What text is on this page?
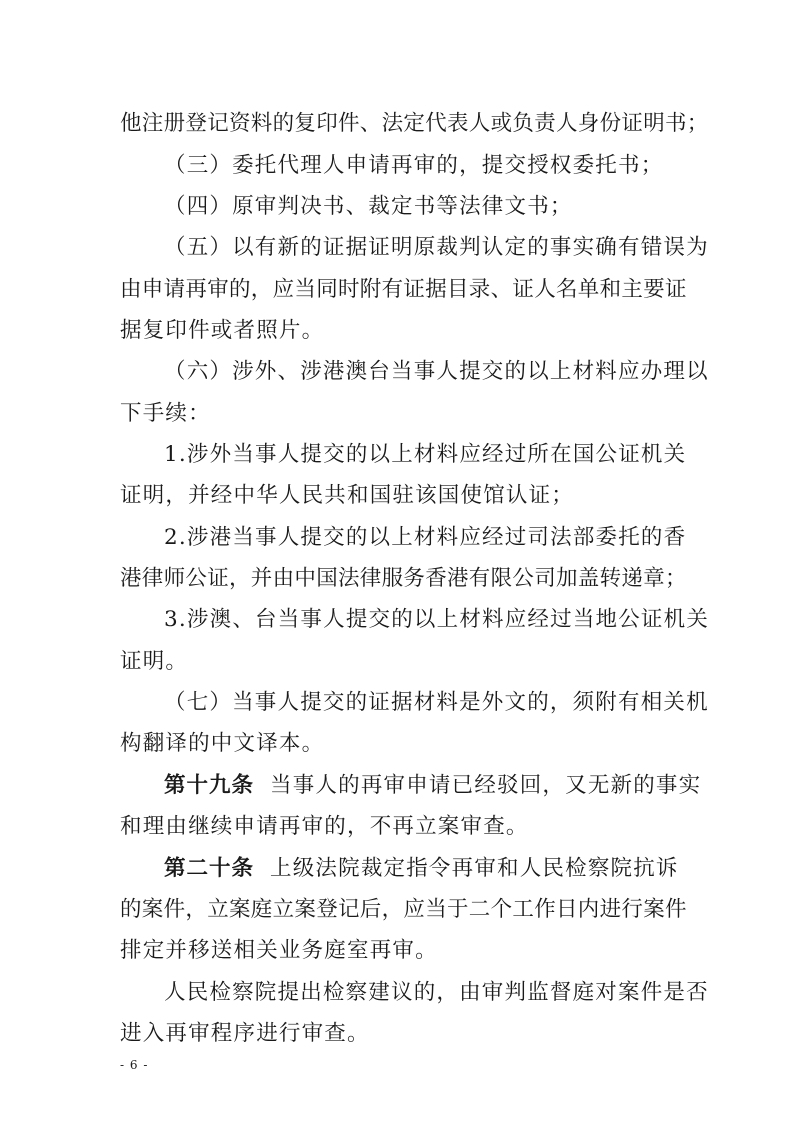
他注册登记资料的复印件、法定代表人或负责人身份证明书；
（三）委托代理人申请再审的，提交授权委托书；
（四）原审判决书、裁定书等法律文书；
（五）以有新的证据证明原裁判认定的事实确有错误为
由申请再审的，应当同时附有证据目录、证人名单和主要证
据复印件或者照片。
（六）涉外、涉港澳台当事人提交的以上材料应办理以
下手续：
1.涉外当事人提交的以上材料应经过所在国公证机关
证明，并经中华人民共和国驻该国使馆认证；
2.涉港当事人提交的以上材料应经过司法部委托的香
港律师公证，并由中国法律服务香港有限公司加盖转递章；
3.涉澳、台当事人提交的以上材料应经过当地公证机关
证明。
（七）当事人提交的证据材料是外文的，须附有相关机
构翻译的中文译本。
第十九条 当事人的再审申请已经驳回，又无新的事实
和理由继续申请再审的，不再立案审查。
第二十条 上级法院裁定指令再审和人民检察院抗诉
的案件，立案庭立案登记后，应当于二个工作日内进行案件
排定并移送相关业务庭室再审。
人民检察院提出检察建议的，由审判监督庭对案件是否
进入再审程序进行审查。
- 6 -
